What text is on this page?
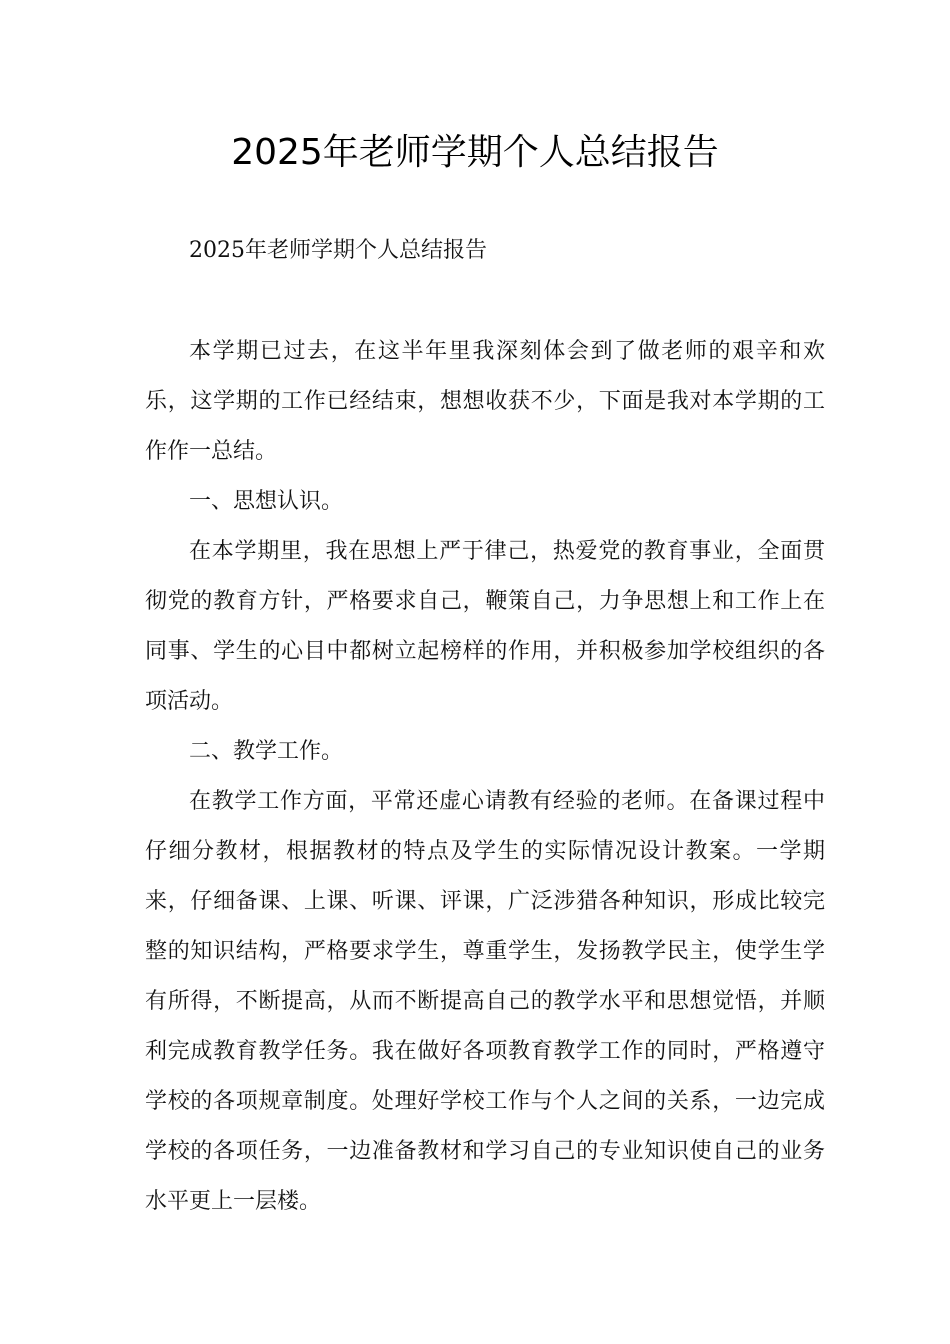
2025年老师学期个人总结报告
2025年老师学期个人总结报告

本学期已过去，在这半年里我深刻体会到了做老师的艰辛和欢乐，这学期的工作已经结束，想想收获不少，下面是我对本学期的工作作一总结。

一、思想认识。

在本学期里，我在思想上严于律己，热爱党的教育事业，全面贯彻党的教育方针，严格要求自己，鞭策自己，力争思想上和工作上在同事、学生的心目中都树立起榜样的作用，并积极参加学校组织的各项活动。

二、教学工作。

在教学工作方面，平常还虚心请教有经验的老师。在备课过程中仔细分教材，根据教材的特点及学生的实际情况设计教案。一学期来，仔细备课、上课、听课、评课，广泛涉猎各种知识，形成比较完整的知识结构，严格要求学生，尊重学生，发扬教学民主，使学生学有所得，不断提高，从而不断提高自己的教学水平和思想觉悟，并顺利完成教育教学任务。我在做好各项教育教学工作的同时，严格遵守学校的各项规章制度。处理好学校工作与个人之间的关系，一边完成学校的各项任务，一边准备教材和学习自己的专业知识使自己的业务水平更上一层楼。
